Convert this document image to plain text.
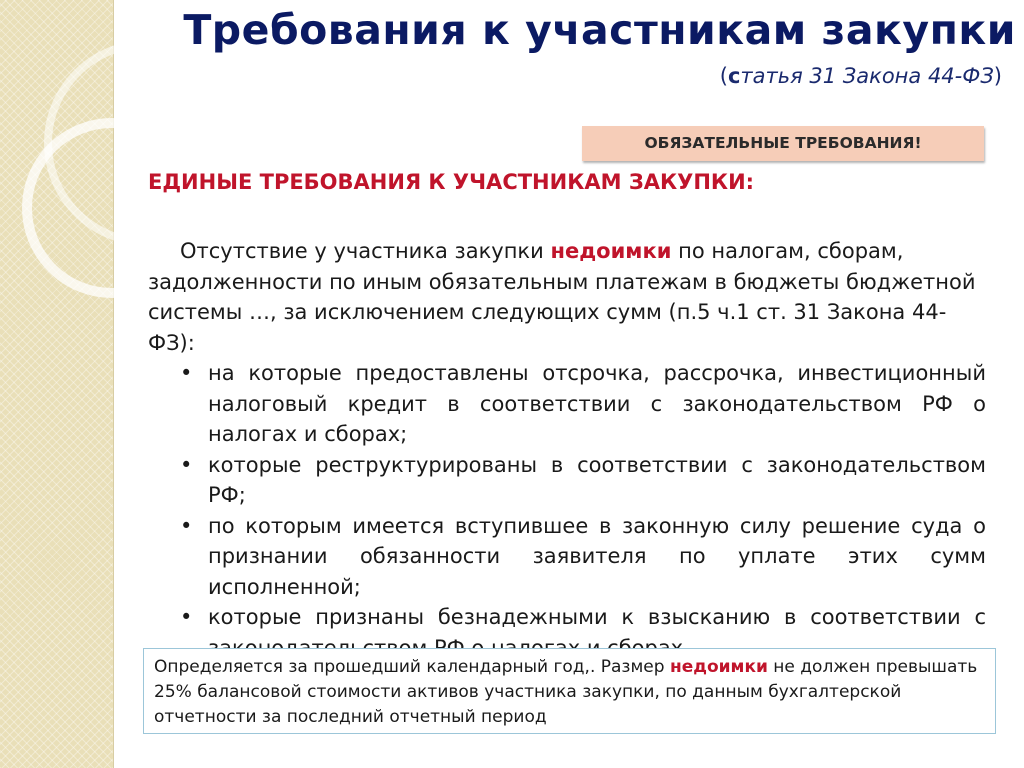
Требования к участникам закупки
(статья 31 Закона 44-ФЗ)
ОБЯЗАТЕЛЬНЫЕ ТРЕБОВАНИЯ!
ЕДИНЫЕ ТРЕБОВАНИЯ К УЧАСТНИКАМ ЗАКУПКИ:

Отсутствие у участника закупки недоимки по налогам, сборам, задолженности по иным обязательным платежам в бюджеты бюджетной системы …, за исключением следующих сумм (п.5 ч.1 ст. 31 Закона 44-ФЗ):

• на которые предоставлены отсрочка, рассрочка, инвестиционный налоговый кредит в соответствии с законодательством РФ о налогах и сборах;
• которые реструктурированы в соответствии с законодательством РФ;
• по которым имеется вступившее в законную силу решение суда о признании обязанности заявителя по уплате этих сумм исполненной;
• которые признаны безнадежными к взысканию в соответствии с
Определяется за прошедший календарный год,. Размер недоимки не должен превышать 25% балансовой стоимости активов участника закупки, по данным бухгалтерской отчетности за последний отчетный период
